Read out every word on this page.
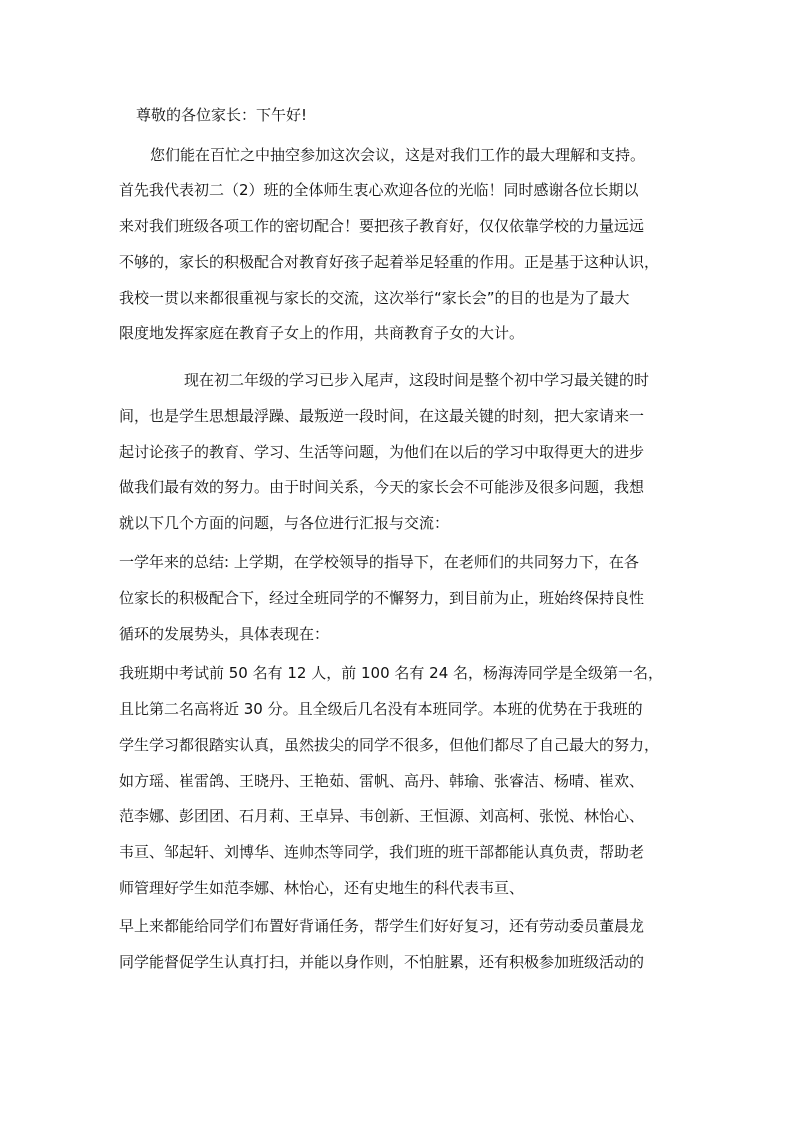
尊敬的各位家长：下午好!
您们能在百忙之中抽空参加这次会议，这是对我们工作的最大理解和支持。
首先我代表初二（2）班的全体师生衷心欢迎各位的光临！同时感谢各位长期以
来对我们班级各项工作的密切配合！要把孩子教育好，仅仅依靠学校的力量远远
不够的，家长的积极配合对教育好孩子起着举足轻重的作用。正是基于这种认识，
我校一贯以来都很重视与家长的交流，这次举行“家长会”的目的也是为了最大
限度地发挥家庭在教育子女上的作用，共商教育子女的大计。
现在初二年级的学习已步入尾声，这段时间是整个初中学习最关键的时
间，也是学生思想最浮躁、最叛逆一段时间，在这最关键的时刻，把大家请来一
起讨论孩子的教育、学习、生活等问题，为他们在以后的学习中取得更大的进步
做我们最有效的努力。由于时间关系，今天的家长会不可能涉及很多问题，我想
就以下几个方面的问题，与各位进行汇报与交流：
一学年来的总结: 上学期，在学校领导的指导下，在老师们的共同努力下，在各
位家长的积极配合下，经过全班同学的不懈努力，到目前为止，班始终保持良性
循环的发展势头，具体表现在：
我班期中考试前 50 名有 12 人，前 100 名有 24 名，杨海涛同学是全级第一名，
且比第二名高将近 30 分。且全级后几名没有本班同学。本班的优势在于我班的
学生学习都很踏实认真，虽然拔尖的同学不很多，但他们都尽了自己最大的努力，
如方瑶、崔雷鸽、王晓丹、王艳茹、雷帆、高丹、韩瑜、张睿洁、杨晴、崔欢、
范李娜、彭团团、石月莉、王卓异、韦创新、王恒源、刘高柯、张悦、林怡心、
韦亘、邹起轩、刘博华、连帅杰等同学，我们班的班干部都能认真负责，帮助老
师管理好学生如范李娜、林怡心，还有史地生的科代表韦亘、
早上来都能给同学们布置好背诵任务，帮学生们好好复习，还有劳动委员董晨龙
同学能督促学生认真打扫，并能以身作则，不怕脏累，还有积极参加班级活动的
